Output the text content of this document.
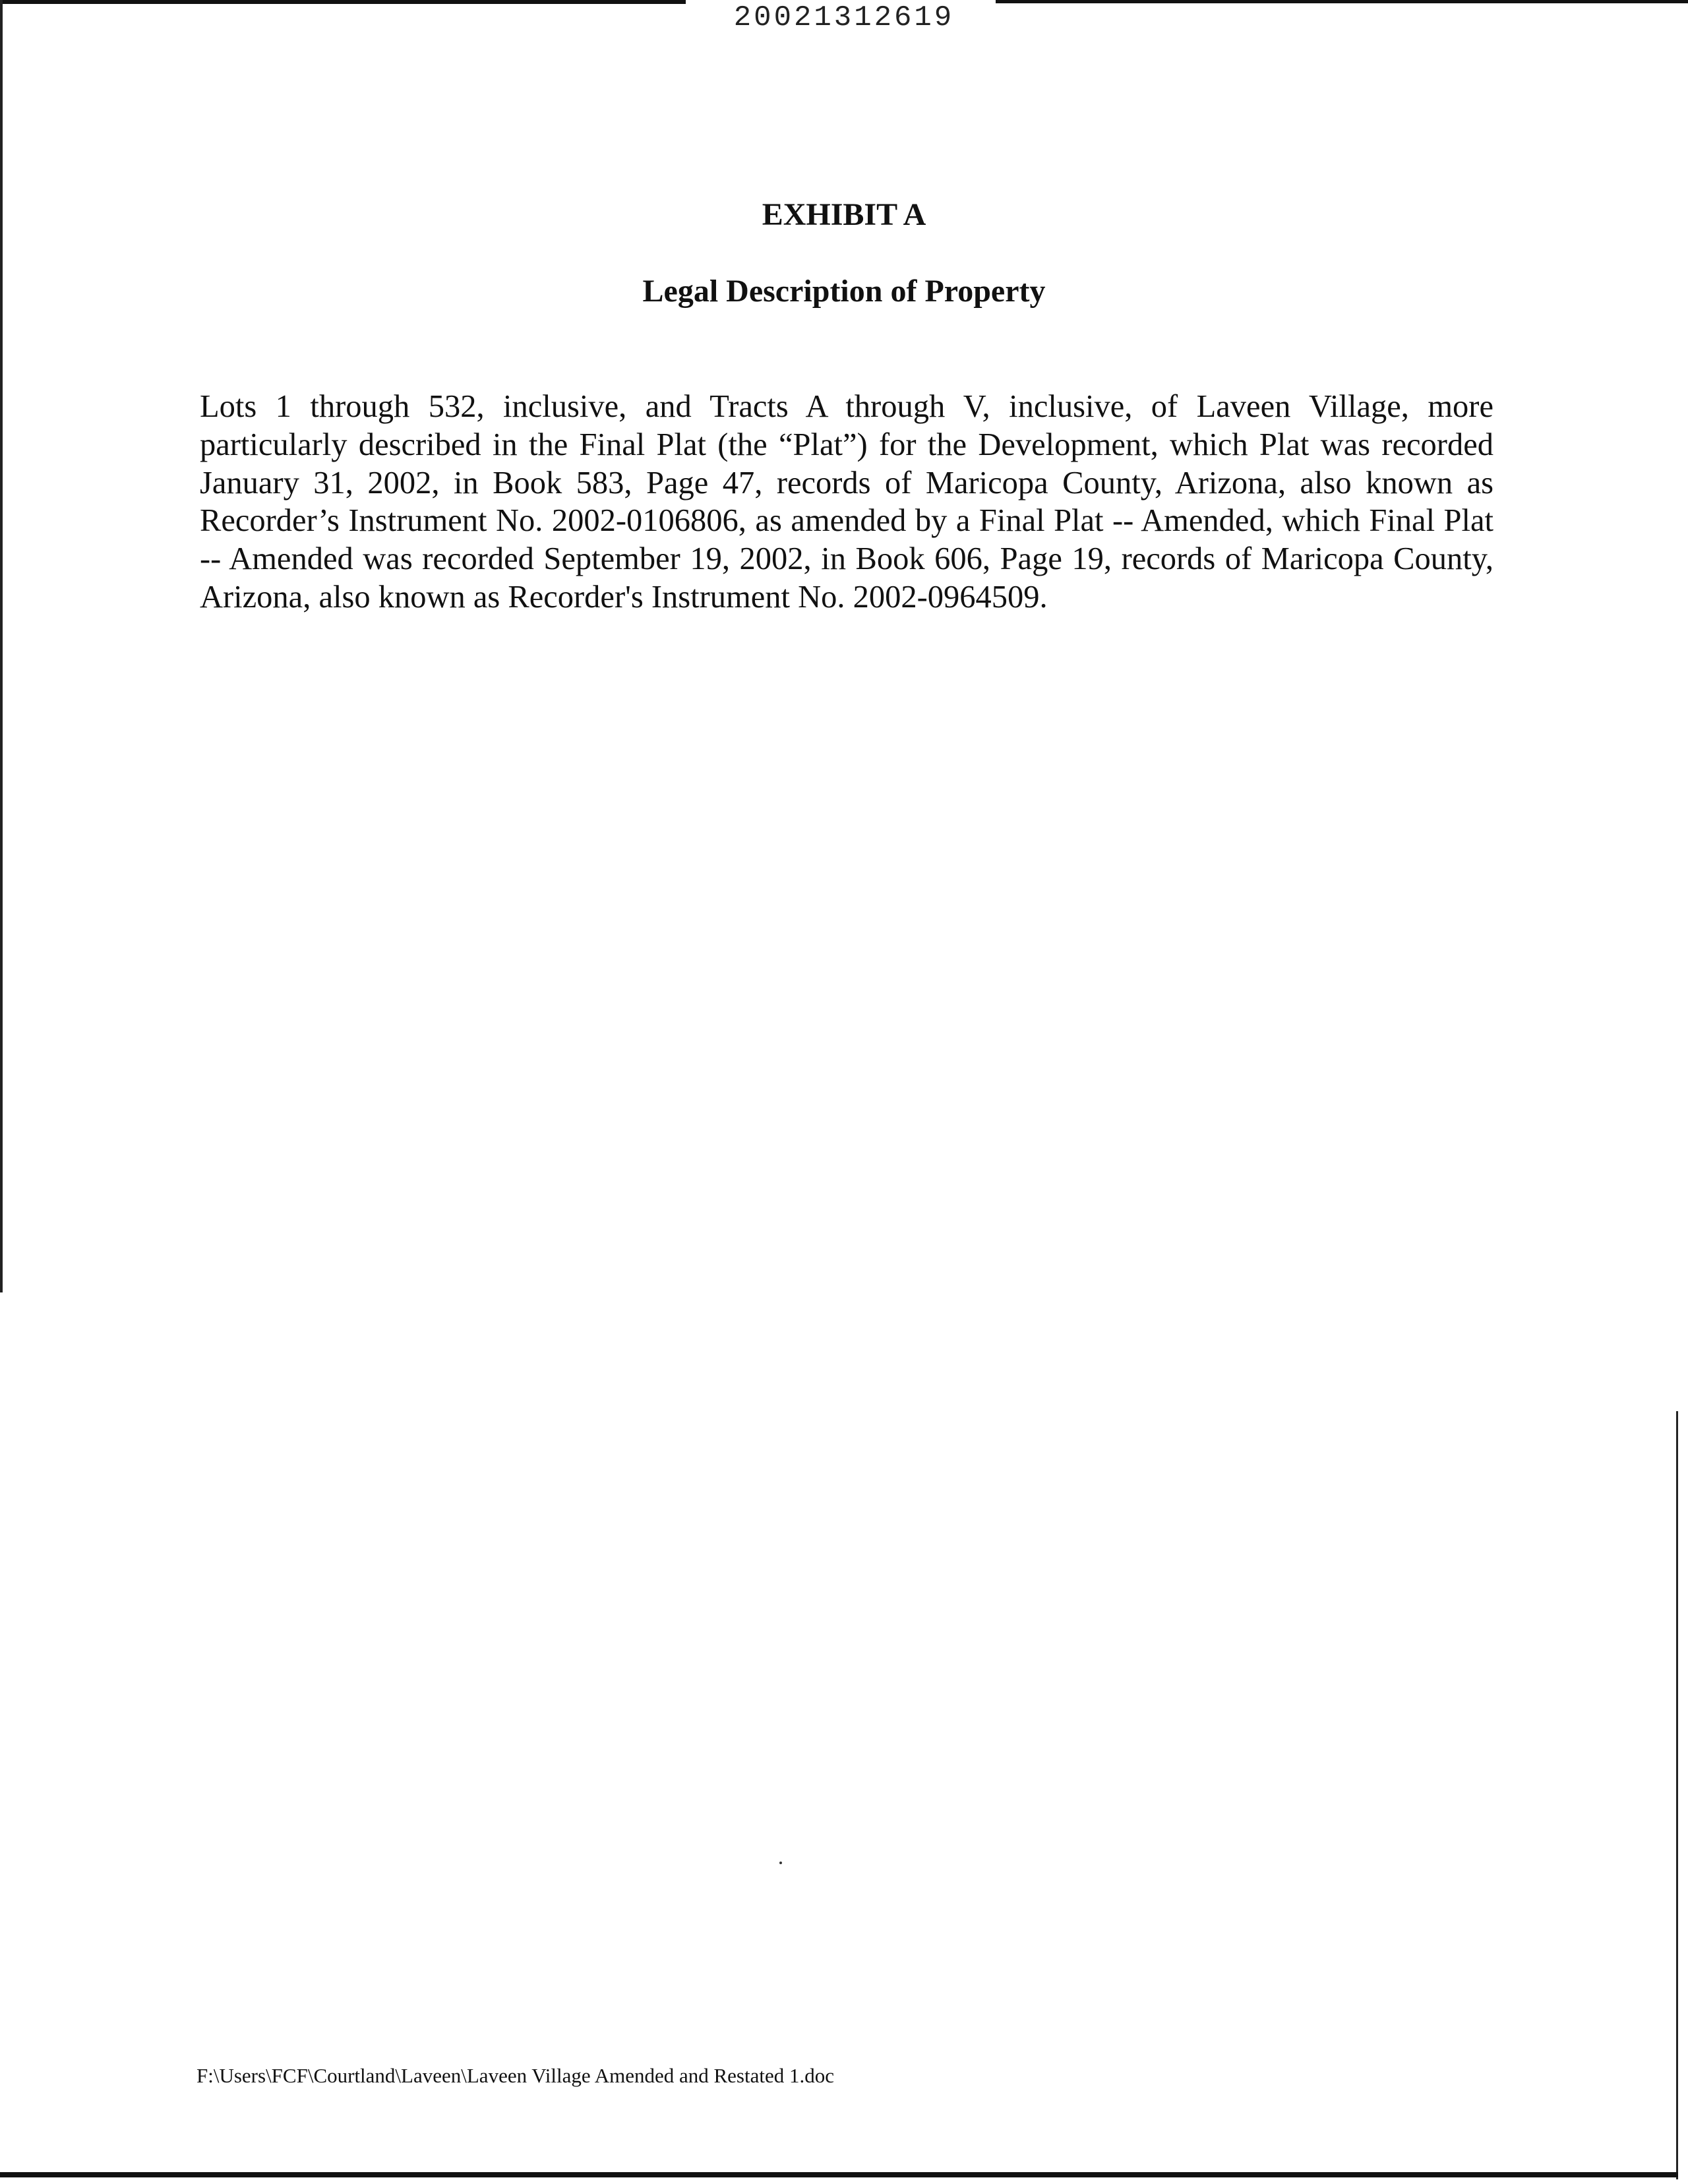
20021312619
EXHIBIT A
Legal Description of Property

Lots 1 through 532, inclusive, and Tracts A through V, inclusive, of Laveen Village, more particularly described in the Final Plat (the “Plat”) for the Development, which Plat was recorded January 31, 2002, in Book 583, Page 47, records of Maricopa County, Arizona, also known as Recorder’s Instrument No. 2002-0106806, as amended by a Final Plat -- Amended, which Final Plat -- Amended was recorded September 19, 2002, in Book 606, Page 19, records of Maricopa County, Arizona, also known as Recorder's Instrument No. 2002-0964509.

F:\Users\FCF\Courtland\Laveen\Laveen Village Amended and Restated 1.doc
